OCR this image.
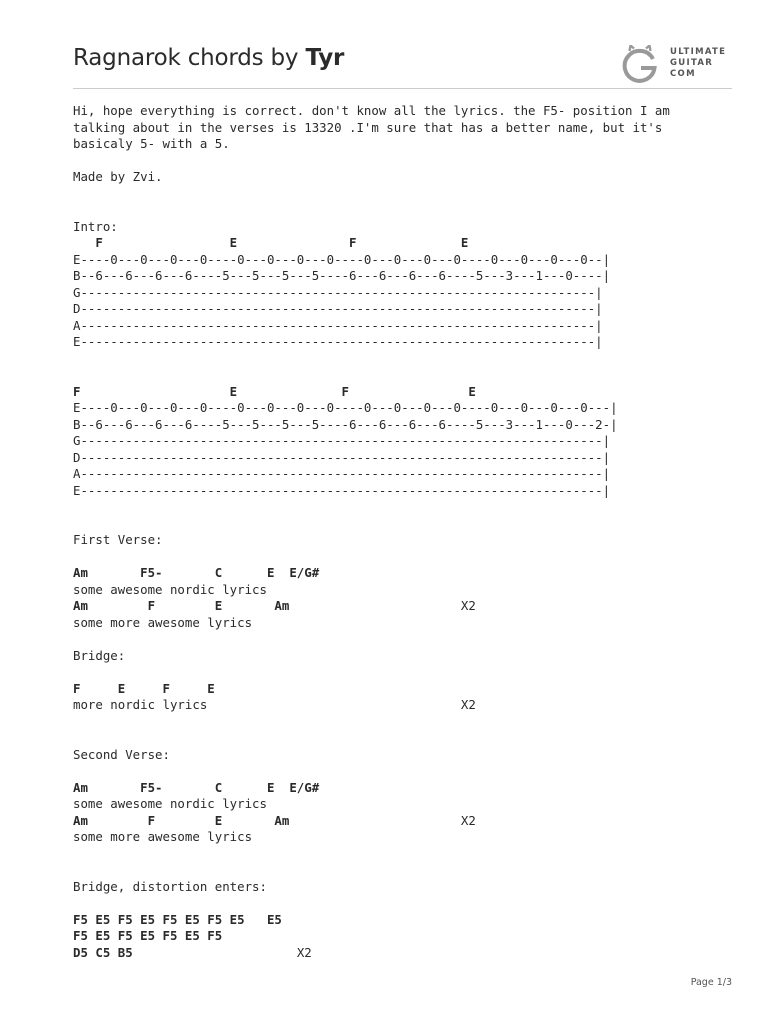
Ragnarok chords by Tyr	ULTIMATE
GUITAR
COM
Hi, hope everything is correct. don't know all the lyrics. the F5- position I am
talking about in the verses is 13320 .I'm sure that has a better name, but it's
basicaly 5- with a 5.
Made by Zvi.
Intro:
F                 E               F              E
E----0---0---0---0----0---0---0---0----0---0---0---0----0---0---0---0--|
B--6---6---6---6----5---5---5---5----6---6---6---6----5---3---1---0----|
G---------------------------------------------------------------------|
D---------------------------------------------------------------------|
A---------------------------------------------------------------------|
E---------------------------------------------------------------------|
F                    E              F                E
E----0---0---0---0----0---0---0---0----0---0---0---0----0---0---0---0---|
B--6---6---6---6----5---5---5---5----6---6---6---6----5---3---1---0---2-|
G----------------------------------------------------------------------|
D----------------------------------------------------------------------|
A----------------------------------------------------------------------|
E----------------------------------------------------------------------|
First Verse:
Am       F5-       C      E  E/G#
some awesome nordic lyrics
Am        F        E       Am	X2
some more awesome lyrics
Bridge:
F     E     F     E
more nordic lyrics	X2
Second Verse:
Am       F5-       C      E  E/G#
some awesome nordic lyrics
Am        F        E       Am	X2
some more awesome lyrics
Bridge, distortion enters:
F5 E5 F5 E5 F5 E5 F5 E5   E5
F5 E5 F5 E5 F5 E5 F5
D5 C5 B5	X2
Page 1/3
